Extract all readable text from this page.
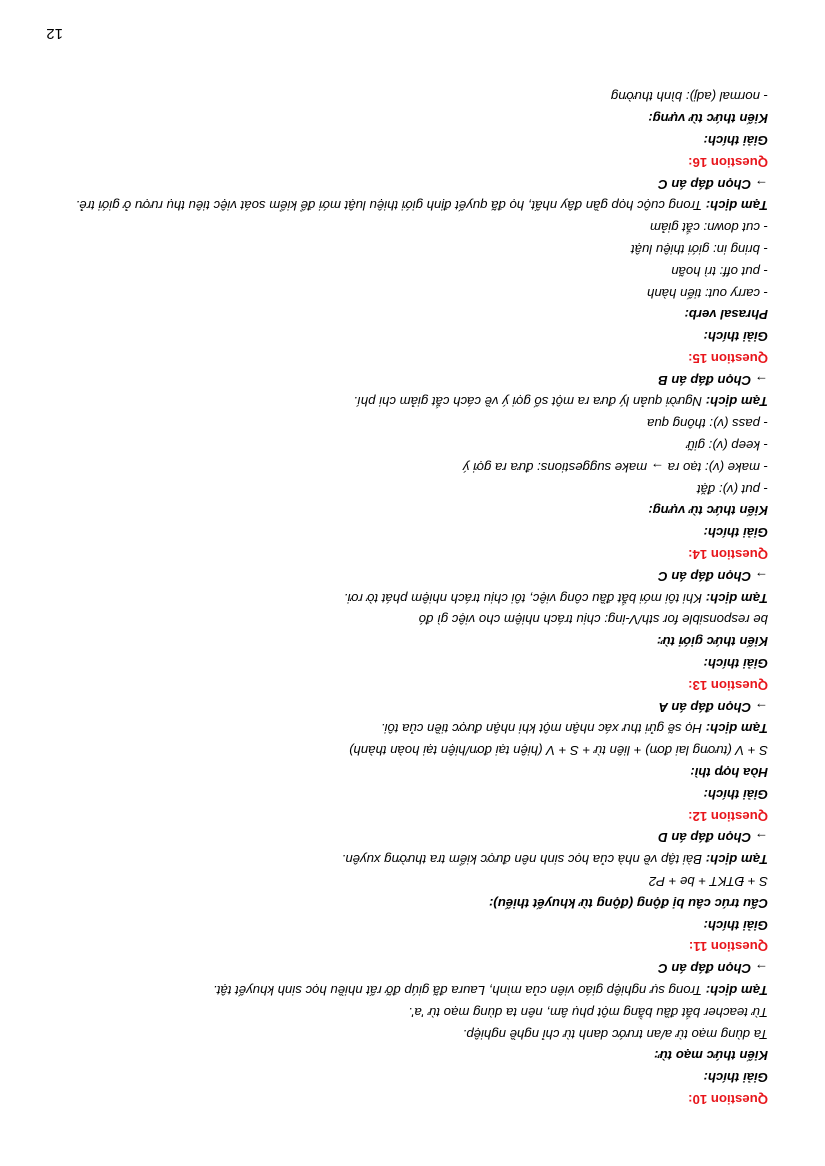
Question 10:
Giải thích:
Kiến thức mạo từ:
Ta dùng mạo từ a/an trước danh từ chỉ nghề nghiệp.
Từ teacher bắt đầu bằng một phụ âm, nên ta dùng mạo từ 'a'.
Tạm dịch: Trong sự nghiệp giáo viên của mình, Laura đã giúp đỡ rất nhiều học sinh khuyết tật.
→ Chọn đáp án C
Question 11:
Giải thích:
Cấu trúc câu bị động (động từ khuyết thiếu):
S + ĐTKT + be + P2
Tạm dịch: Bài tập về nhà của học sinh nên được kiểm tra thường xuyên.
→ Chọn đáp án D
Question 12:
Giải thích:
Hòa hợp thì:
S + V (tương lai đơn) + liên từ + S + V (hiện tại đơn/hiện tại hoàn thành)
Tạm dịch: Họ sẽ gửi thư xác nhận một khi nhận được tiền của tôi.
→ Chọn đáp án A
Question 13:
Giải thích:
Kiến thức giới từ:
be responsible for sth/V-ing: chịu trách nhiệm cho việc gì đó
Tạm dịch: Khi tôi mới bắt đầu công việc, tôi chịu trách nhiệm phát tờ rơi.
→ Chọn đáp án C
Question 14:
Giải thích:
Kiến thức từ vựng:
- put (v): đặt
- make (v): tạo ra → make suggestions: đưa ra gợi ý
- keep (v): giữ
- pass (v): thông qua
Tạm dịch: Người quản lý đưa ra một số gợi ý về cách cắt giảm chi phí.
→ Chọn đáp án B
Question 15:
Giải thích:
Phrasal verb:
- carry out: tiến hành
- put off: trì hoãn
- bring in: giới thiệu luật
- cut down: cắt giảm
Tạm dịch: Trong cuộc họp gần đây nhất, họ đã quyết định giới thiệu luật mới để kiểm soát việc tiêu thụ rượu ở giới trẻ.
→ Chọn đáp án C
Question 16:
Giải thích:
Kiến thức từ vựng:
- normal (adj): bình thường
12
